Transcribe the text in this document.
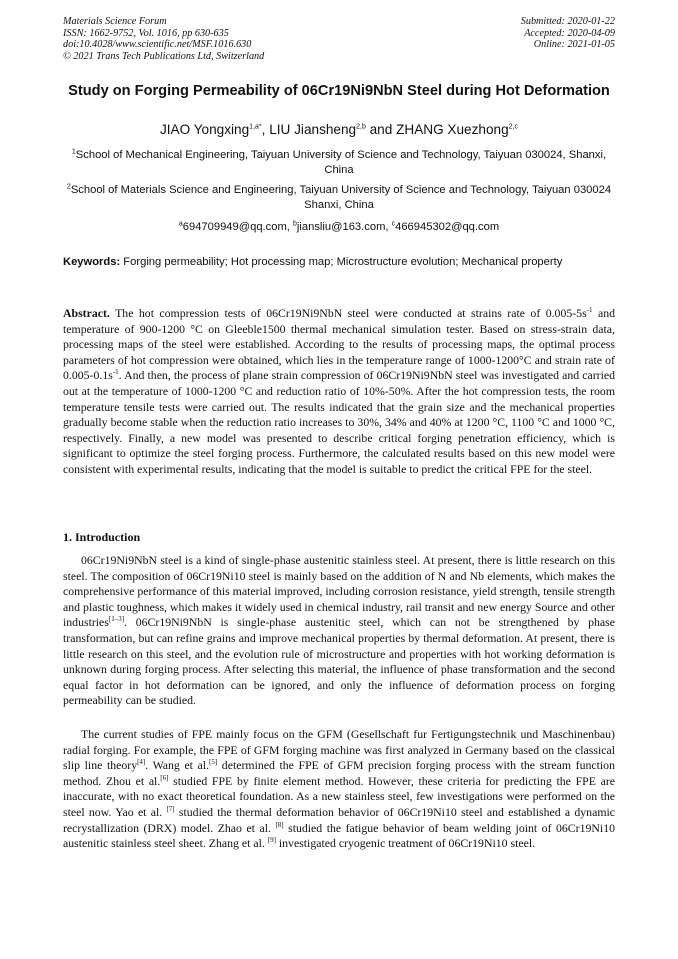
Materials Science Forum
ISSN: 1662-9752, Vol. 1016, pp 630-635
doi:10.4028/www.scientific.net/MSF.1016.630
© 2021 Trans Tech Publications Ltd, Switzerland
Submitted: 2020-01-22
Accepted: 2020-04-09
Online: 2021-01-05
Study on Forging Permeability of 06Cr19Ni9NbN Steel during Hot Deformation
JIAO Yongxing$^{1,a*}$, LIU Jiansheng$^{2,b}$ and ZHANG Xuezhong$^{2,c}$
$^1$School of Mechanical Engineering, Taiyuan University of Science and Technology, Taiyuan 030024, Shanxi, China
$^2$School of Materials Science and Engineering, Taiyuan University of Science and Technology, Taiyuan 030024 Shanxi, China
$^a$694709949@qq.com, $^b$jiansliu@163.com, $^c$466945302@qq.com
Keywords: Forging permeability; Hot processing map; Microstructure evolution; Mechanical property
Abstract. The hot compression tests of 06Cr19Ni9NbN steel were conducted at strains rate of $0.005-5s^{-1}$ and temperature of 900-1200 °C on Gleeble1500 thermal mechanical simulation tester. Based on stress-strain data, processing maps of the steel were established. According to the results of processing maps, the optimal process parameters of hot compression were obtained, which lies in the temperature range of 1000-1200°C and strain rate of $0.005-0.1s^{-1}$. And then, the process of plane strain compression of 06Cr19Ni9NbN steel was investigated and carried out at the temperature of 1000-1200 °C and reduction ratio of 10%-50%. After the hot compression tests, the room temperature tensile tests were carried out. The results indicated that the grain size and the mechanical properties gradually become stable when the reduction ratio increases to 30%, 34% and 40% at 1200 °C, 1100 °C and 1000 °C, respectively. Finally, a new model was presented to describe critical forging penetration efficiency, which is significant to optimize the steel forging process. Furthermore, the calculated results based on this new model were consistent with experimental results, indicating that the model is suitable to predict the critical FPE for the steel.
1. Introduction

06Cr19Ni9NbN steel is a kind of single-phase austenitic stainless steel. At present, there is little research on this steel. The composition of 06Cr19Ni10 steel is mainly based on the addition of N and Nb elements, which makes the comprehensive performance of this material improved, including corrosion resistance, yield strength, tensile strength and plastic toughness, which makes it widely used in chemical industry, rail transit and new energy Source and other industries[1–3]. 06Cr19Ni9NbN is single-phase austenitic steel, which can not be strengthened by phase transformation, but can refine grains and improve mechanical properties by thermal deformation. At present, there is little research on this steel, and the evolution rule of microstructure and properties with hot working deformation is unknown during forging process. After selecting this material, the influence of phase transformation and the second equal factor in hot deformation can be ignored, and only the influence of deformation process on forging permeability can be studied.

The current studies of FPE mainly focus on the GFM (Gesellschaft fur Fertigungstechnik und Maschinenbau) radial forging. For example, the FPE of GFM forging machine was first analyzed in Germany based on the classical slip line theory[4]. Wang et al.[5] determined the FPE of GFM precision forging process with the stream function method. Zhou et al.[6] studied FPE by finite element method. However, these criteria for predicting the FPE are inaccurate, with no exact theoretical foundation. As a new stainless steel, few investigations were performed on the steel now. Yao et al. [7] studied the thermal deformation behavior of 06Cr19Ni10 steel and established a dynamic recrystallization (DRX) model. Zhao et al. [8] studied the fatigue behavior of beam welding joint of 06Cr19Ni10 austenitic stainless steel sheet. Zhang et al. [9] investigated cryogenic treatment of 06Cr19Ni10 steel.
